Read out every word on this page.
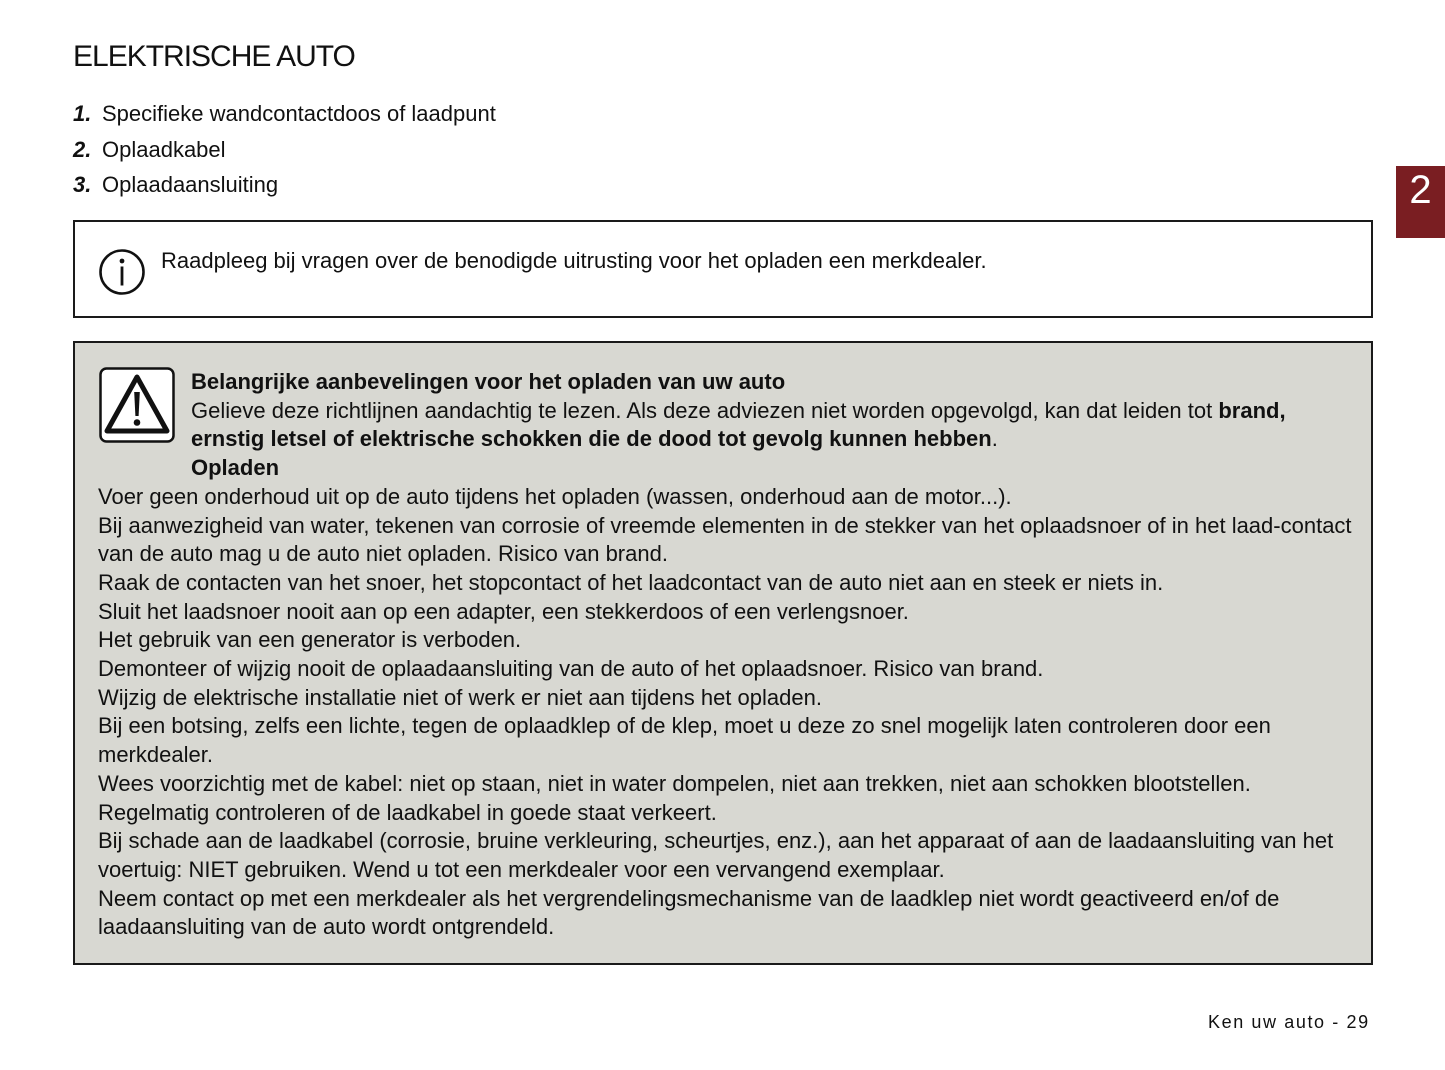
ELEKTRISCHE AUTO
1. Specifieke wandcontactdoos of laadpunt
2. Oplaadkabel
3. Oplaadaansluiting	2

Raadpleeg bij vragen over de benodigde uitrusting voor het opladen een merkdealer.

Belangrijke aanbevelingen voor het opladen van uw auto

Gelieve deze richtlijnen aandachtig te lezen. Als deze adviezen niet worden opgevolgd, kan dat leiden tot brand, ernstig letsel of elektrische schokken die de dood tot gevolg kunnen hebben.

Opladen

Voer geen onderhoud uit op de auto tijdens het opladen (wassen, onderhoud aan de motor...).

Bij aanwezigheid van water, tekenen van corrosie of vreemde elementen in de stekker van het oplaadsnoer of in het laad-contact van de auto mag u de auto niet opladen. Risico van brand.

Raak de contacten van het snoer, het stopcontact of het laadcontact van de auto niet aan en steek er niets in.

Sluit het laadsnoer nooit aan op een adapter, een stekkerdoos of een verlengsnoer.

Het gebruik van een generator is verboden.

Demonteer of wijzig nooit de oplaadaansluiting van de auto of het oplaadsnoer. Risico van brand.

Wijzig de elektrische installatie niet of werk er niet aan tijdens het opladen.

Bij een botsing, zelfs een lichte, tegen de oplaadklep of de klep, moet u deze zo snel mogelijk laten controleren door een merkdealer.

Wees voorzichtig met de kabel: niet op staan, niet in water dompelen, niet aan trekken, niet aan schokken blootstellen.

Regelmatig controleren of de laadkabel in goede staat verkeert.

Bij schade aan de laadkabel (corrosie, bruine verkleuring, scheurtjes, enz.), aan het apparaat of aan de laadaansluiting van het voertuig: NIET gebruiken. Wend u tot een merkdealer voor een vervangend exemplaar.

Neem contact op met een merkdealer als het vergrendelingsmechanisme van de laadklep niet wordt geactiveerd en/of de laadaansluiting van de auto wordt ontgrendeld.

Ken uw auto - 29
